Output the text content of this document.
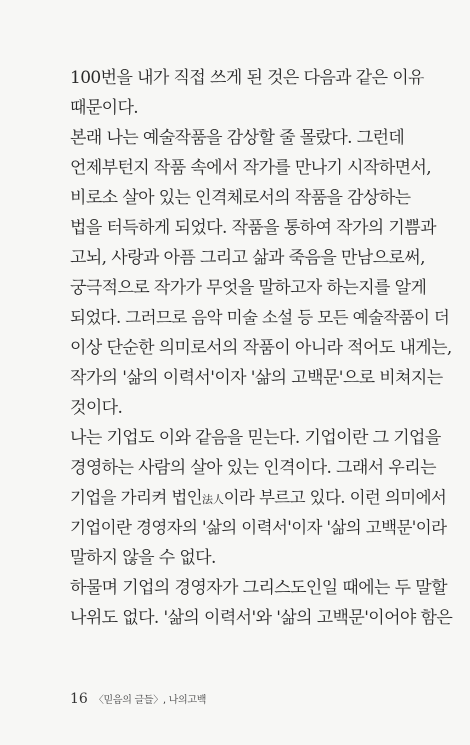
100번을 내가 직접 쓰게 된 것은 다음과 같은 이유
때문이다.
본래 나는 예술작품을 감상할 줄 몰랐다. 그런데
언제부턴지 작품 속에서 작가를 만나기 시작하면서,
비로소 살아 있는 인격체로서의 작품을 감상하는
법을 터득하게 되었다. 작품을 통하여 작가의 기쁨과
고뇌, 사랑과 아픔 그리고 삶과 죽음을 만남으로써,
궁극적으로 작가가 무엇을 말하고자 하는지를 알게
되었다. 그러므로 음악 미술 소설 등 모든 예술작품이 더
이상 단순한 의미로서의 작품이 아니라 적어도 내게는,
작가의 '삶의 이력서'이자 '삶의 고백문'으로 비쳐지는
것이다.
나는 기업도 이와 같음을 믿는다. 기업이란 그 기업을
경영하는 사람의 살아 있는 인격이다. 그래서 우리는
기업을 가리켜 법인法人이라 부르고 있다. 이런 의미에서
기업이란 경영자의 '삶의 이력서'이자 '삶의 고백문'이라
말하지 않을 수 없다.
하물며 기업의 경영자가 그리스도인일 때에는 두 말할
나위도 없다. '삶의 이력서'와 '삶의 고백문'이어야 함은
16 〈믿음의 글들〉, 나의고백
